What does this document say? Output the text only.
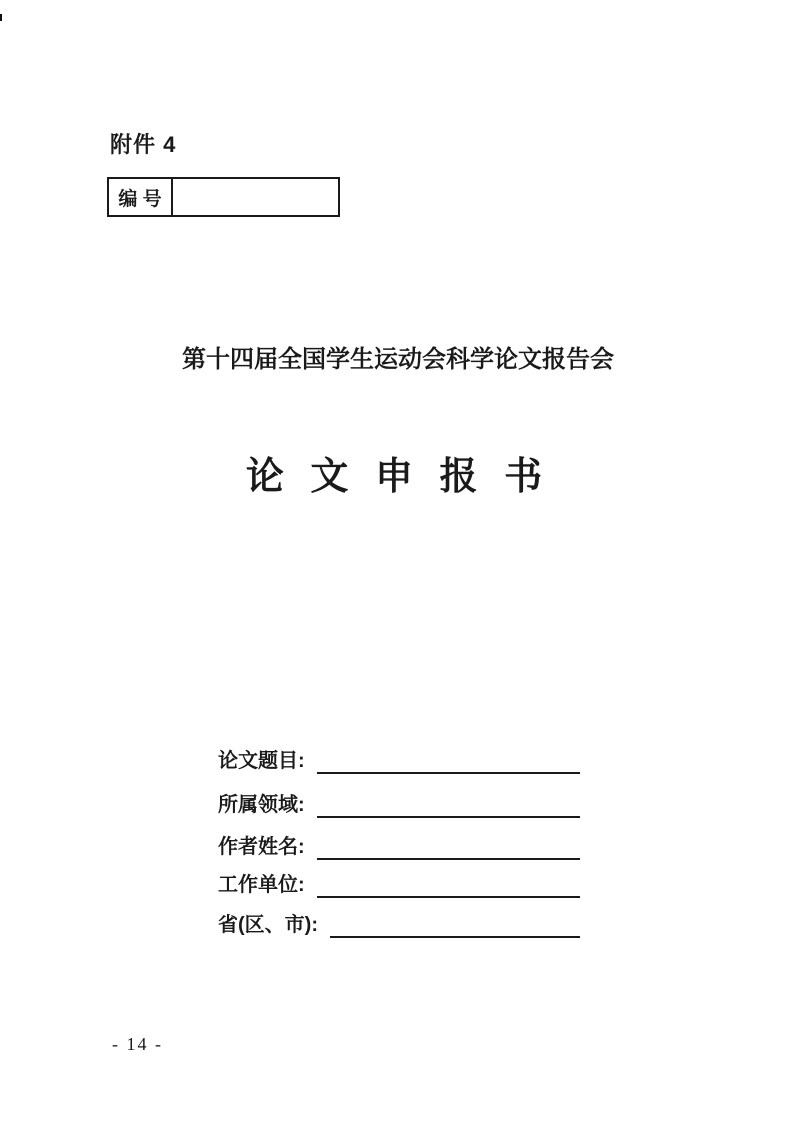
附件 4
编 号
第十四届全国学生运动会科学论文报告会
论 文 申 报 书
论文题目:
所属领域:
作者姓名:
工作单位:
省(区、市):
- 14 -
